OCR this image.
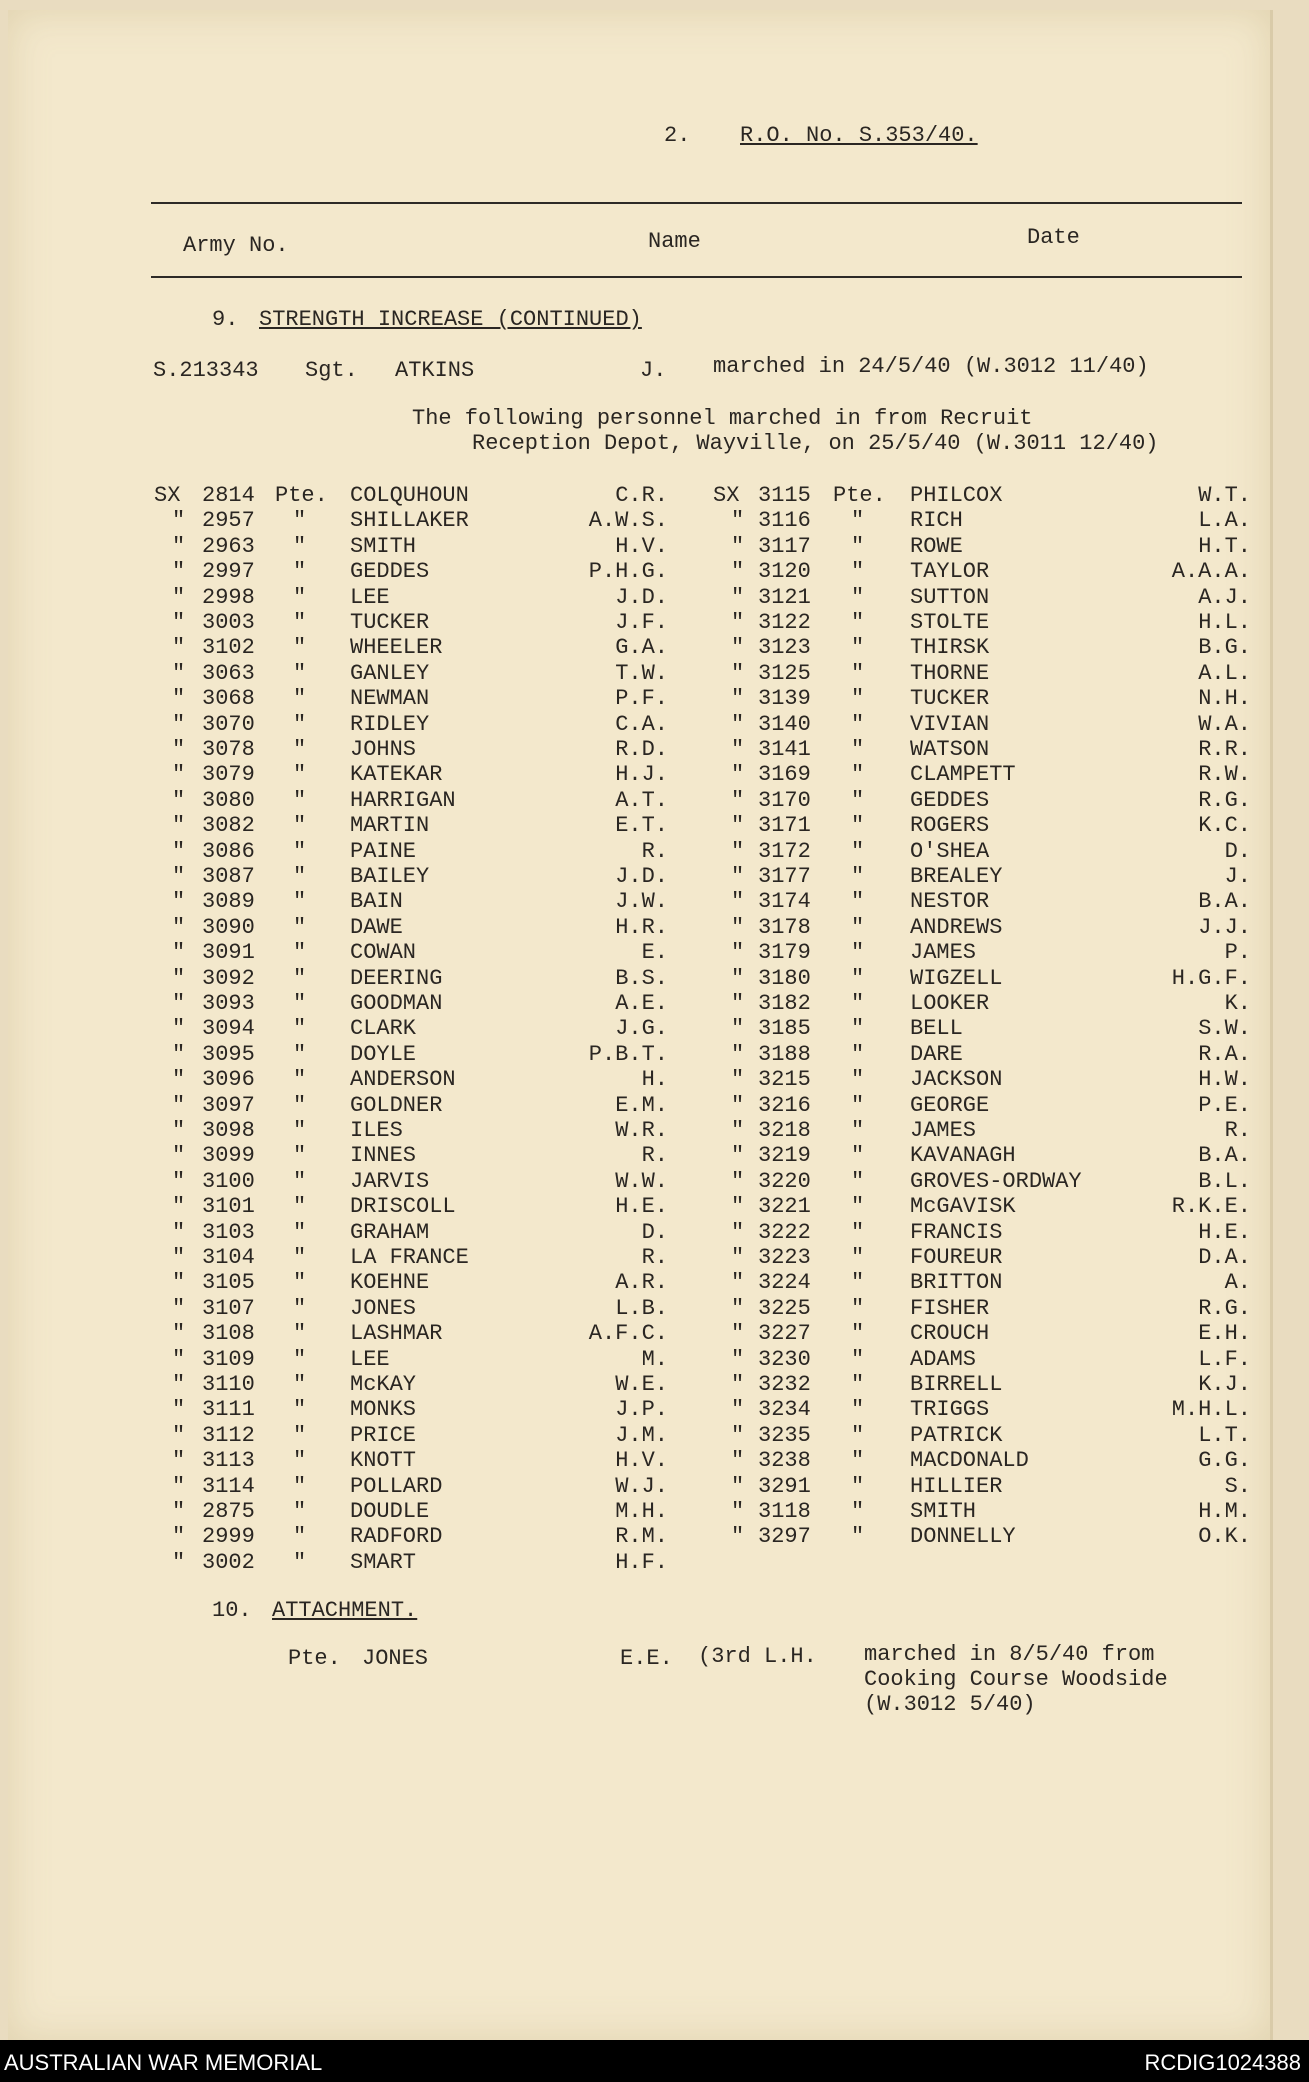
2. R.O. No. S.353/40.
Army No.	Name	Date
9. STRENGTH INCREASE (CONTINUED)
S.213343 Sgt. ATKINS	J. marched in 24/5/40 (W.3012 11/40)
The following personnel marched in from Recruit
Reception Depot, Wayville, on 25/5/40 (W.3011 12/40)
SX 2814 Pte. COLQUHOUN	C.R.
" 2957 " SHILLAKER	A.W.S.
" 2963 " SMITH	H.V.
" 2997 " GEDDES	P.H.G.
" 2998 " LEE	J.D.
" 3003 " TUCKER	J.F.
" 3102 " WHEELER	G.A.
" 3063 " GANLEY	T.W.
" 3068 " NEWMAN	P.F.
" 3070 " RIDLEY	C.A.
" 3078 " JOHNS	R.D.
" 3079 " KATEKAR	H.J.
" 3080 " HARRIGAN	A.T.
" 3082 " MARTIN	E.T.
" 3086 " PAINE	R.
" 3087 " BAILEY	J.D.
" 3089 " BAIN	J.W.
" 3090 " DAWE	H.R.
" 3091 " COWAN	E.
" 3092 " DEERING	B.S.
" 3093 " GOODMAN	A.E.
" 3094 " CLARK	J.G.
" 3095 " DOYLE	P.B.T.
" 3096 " ANDERSON	H.
" 3097 " GOLDNER	E.M.
" 3098 " ILES	W.R.
" 3099 " INNES	R.
" 3100 " JARVIS	W.W.
" 3101 " DRISCOLL	H.E.
" 3103 " GRAHAM	D.
" 3104 " LA FRANCE	R.
" 3105 " KOEHNE	A.R.
" 3107 " JONES	L.B.
" 3108 " LASHMAR	A.F.C.
" 3109 " LEE	M.
" 3110 " McKAY	W.E.
" 3111 " MONKS	J.P.
" 3112 " PRICE	J.M.
" 3113 " KNOTT	H.V.
" 3114 " POLLARD	W.J.
" 2875 " DOUDLE	M.H.
" 2999 " RADFORD	R.M.
" 3002 " SMART	H.F.
SX 3115 Pte. PHILCOX	W.T.
" 3116 " RICH	L.A.
" 3117 " ROWE	H.T.
" 3120 " TAYLOR	A.A.A.
" 3121 " SUTTON	A.J.
" 3122 " STOLTE	H.L.
" 3123 " THIRSK	B.G.
" 3125 " THORNE	A.L.
" 3139 " TUCKER	N.H.
" 3140 " VIVIAN	W.A.
" 3141 " WATSON	R.R.
" 3169 " CLAMPETT	R.W.
" 3170 " GEDDES	R.G.
" 3171 " ROGERS	K.C.
" 3172 " O'SHEA	D.
" 3177 " BREALEY	J.
" 3174 " NESTOR	B.A.
" 3178 " ANDREWS	J.J.
" 3179 " JAMES	P.
" 3180 " WIGZELL	H.G.F.
" 3182 " LOOKER	K.
" 3185 " BELL	S.W.
" 3188 " DARE	R.A.
" 3215 " JACKSON	H.W.
" 3216 " GEORGE	P.E.
" 3218 " JAMES	R.
" 3219 " KAVANAGH	B.A.
" 3220 " GROVES-ORDWAY	B.L.
" 3221 " McGAVISK	R.K.E.
" 3222 " FRANCIS	H.E.
" 3223 " FOUREUR	D.A.
" 3224 " BRITTON	A.
" 3225 " FISHER	R.G.
" 3227 " CROUCH	E.H.
" 3230 " ADAMS	L.F.
" 3232 " BIRRELL	K.J.
" 3234 " TRIGGS	M.H.L.
" 3235 " PATRICK	L.T.
" 3238 " MACDONALD	G.G.
" 3291 " HILLIER	S.
" 3118 " SMITH	H.M.
" 3297 " DONNELLY	O.K.
10. ATTACHMENT.
Pte. JONES	E.E. (3rd L.H. marched in 8/5/40 from
Cooking Course Woodside
(W.3012 5/40)
AUSTRALIAN WAR MEMORIAL	RCDIG1024388
